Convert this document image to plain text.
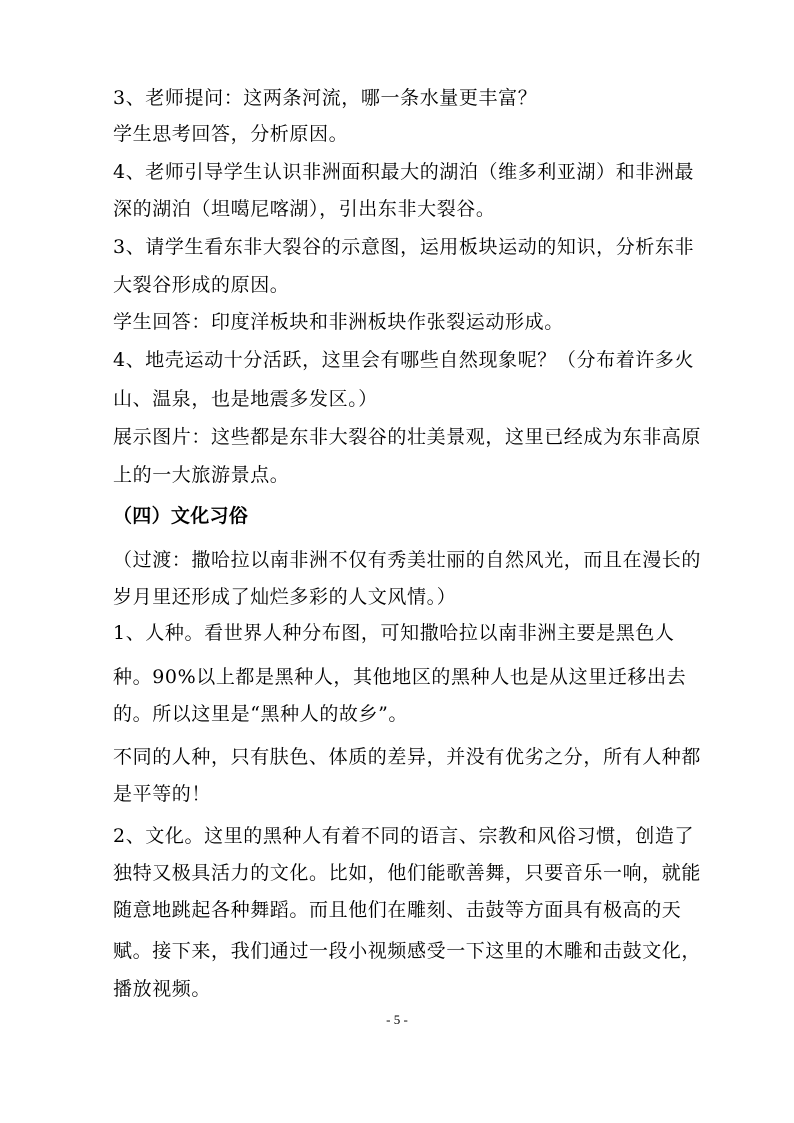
3、老师提问：这两条河流，哪一条水量更丰富？
学生思考回答，分析原因。
4、老师引导学生认识非洲面积最大的湖泊（维多利亚湖）和非洲最
深的湖泊（坦噶尼喀湖），引出东非大裂谷。
3、请学生看东非大裂谷的示意图，运用板块运动的知识，分析东非
大裂谷形成的原因。
学生回答：印度洋板块和非洲板块作张裂运动形成。
4、地壳运动十分活跃，这里会有哪些自然现象呢？（分布着许多火
山、温泉，也是地震多发区。）
展示图片：这些都是东非大裂谷的壮美景观，这里已经成为东非高原
上的一大旅游景点。
（四）文化习俗
（过渡：撒哈拉以南非洲不仅有秀美壮丽的自然风光，而且在漫长的
岁月里还形成了灿烂多彩的人文风情。）
1、人种。看世界人种分布图，可知撒哈拉以南非洲主要是黑色人
种。90%以上都是黑种人，其他地区的黑种人也是从这里迁移出去
的。所以这里是“黑种人的故乡”。
不同的人种，只有肤色、体质的差异，并没有优劣之分，所有人种都
是平等的！
2、文化。这里的黑种人有着不同的语言、宗教和风俗习惯，创造了
独特又极具活力的文化。比如，他们能歌善舞，只要音乐一响，就能
随意地跳起各种舞蹈。而且他们在雕刻、击鼓等方面具有极高的天
赋。接下来，我们通过一段小视频感受一下这里的木雕和击鼓文化，
播放视频。
- 5 -
